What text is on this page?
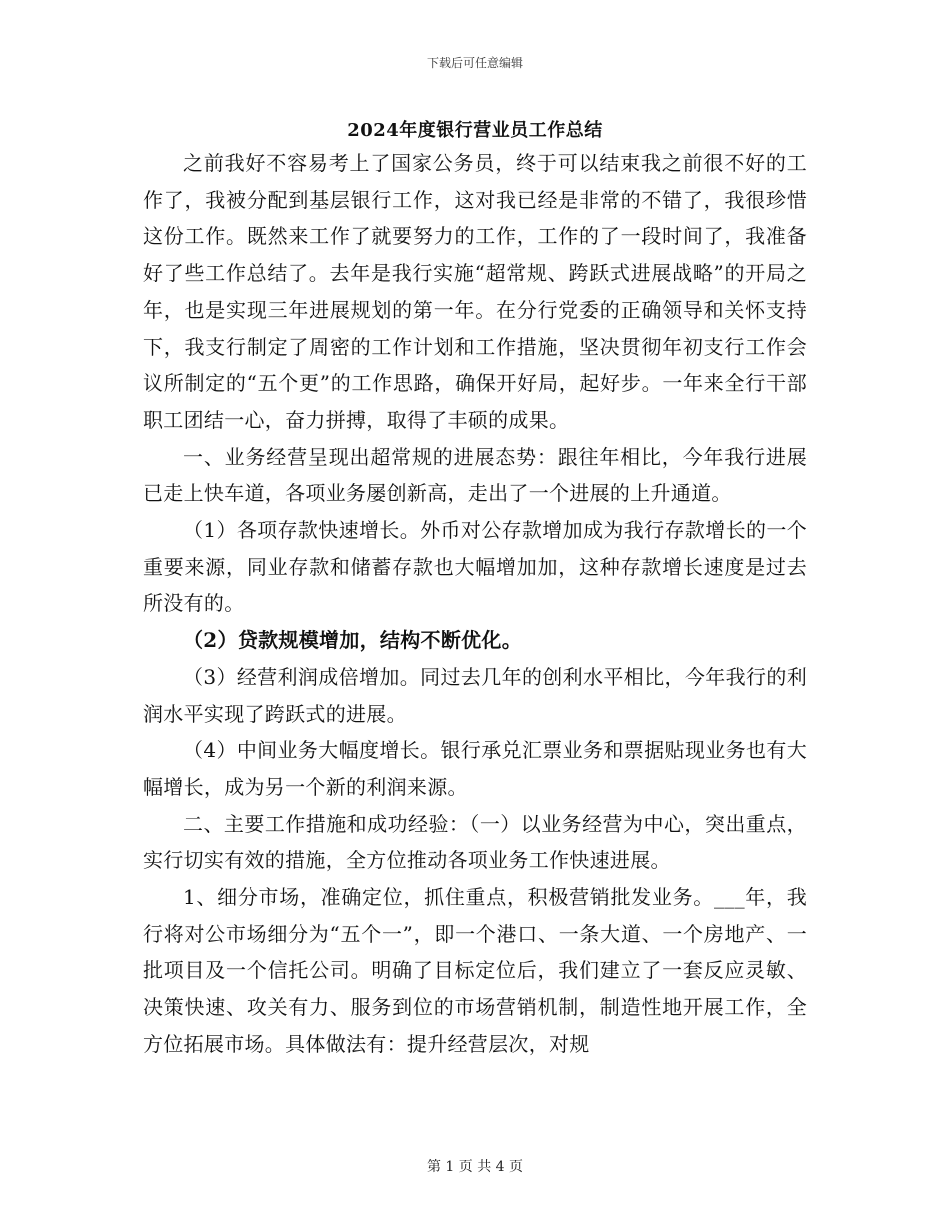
下载后可任意编辑
2024年度银行营业员工作总结

之前我好不容易考上了国家公务员，终于可以结束我之前很不好的工作了，我被分配到基层银行工作，这对我已经是非常的不错了，我很珍惜这份工作。既然来工作了就要努力的工作，工作的了一段时间了，我准备好了些工作总结了。去年是我行实施“超常规、跨跃式进展战略”的开局之年，也是实现三年进展规划的第一年。在分行党委的正确领导和关怀支持下，我支行制定了周密的工作计划和工作措施，坚决贯彻年初支行工作会议所制定的“五个更”的工作思路，确保开好局，起好步。一年来全行干部职工团结一心，奋力拼搏，取得了丰硕的成果。

一、业务经营呈现出超常规的进展态势：跟往年相比，今年我行进展已走上快车道，各项业务屡创新高，走出了一个进展的上升通道。

（1）各项存款快速增长。外币对公存款增加成为我行存款增长的一个重要来源，同业存款和储蓄存款也大幅增加加，这种存款增长速度是过去所没有的。

（2）贷款规模增加，结构不断优化。

（3）经营利润成倍增加。同过去几年的创利水平相比，今年我行的利润水平实现了跨跃式的进展。

（4）中间业务大幅度增长。银行承兑汇票业务和票据贴现业务也有大幅增长，成为另一个新的利润来源。

二、主要工作措施和成功经验：（一）以业务经营为中心，突出重点，实行切实有效的措施，全方位推动各项业务工作快速进展。

1、细分市场，准确定位，抓住重点，积极营销批发业务。___年，我行将对公市场细分为“五个一”，即一个港口、一条大道、一个房地产、一批项目及一个信托公司。明确了目标定位后，我们建立了一套反应灵敏、决策快速、攻关有力、服务到位的市场营销机制，制造性地开展工作，全方位拓展市场。具体做法有：提升经营层次，对规

第 1 页 共 4 页
